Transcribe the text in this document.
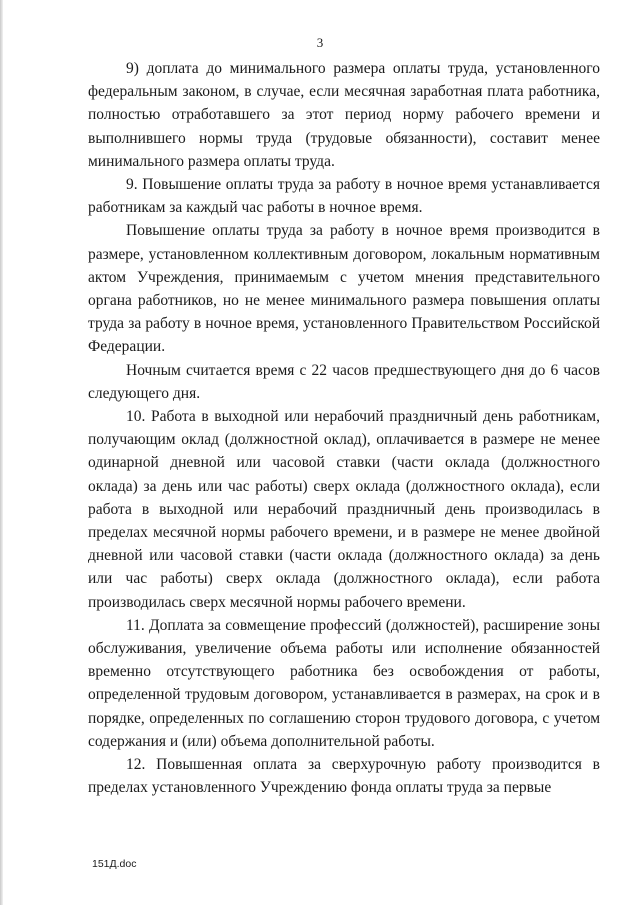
3

9) доплата до минимального размера оплаты труда, установленного федеральным законом, в случае, если месячная заработная плата работника, полностью отработавшего за этот период норму рабочего времени и выполнившего нормы труда (трудовые обязанности), составит менее минимального размера оплаты труда.

9. Повышение оплаты труда за работу в ночное время устанавливается работникам за каждый час работы в ночное время.

Повышение оплаты труда за работу в ночное время производится в размере, установленном коллективным договором, локальным нормативным актом Учреждения, принимаемым с учетом мнения представительного органа работников, но не менее минимального размера повышения оплаты труда за работу в ночное время, установленного Правительством Российской Федерации.

Ночным считается время с 22 часов предшествующего дня до 6 часов следующего дня.

10. Работа в выходной или нерабочий праздничный день работникам, получающим оклад (должностной оклад), оплачивается в размере не менее одинарной дневной или часовой ставки (части оклада (должностного оклада) за день или час работы) сверх оклада (должностного оклада), если работа в выходной или нерабочий праздничный день производилась в пределах месячной нормы рабочего времени, и в размере не менее двойной дневной или часовой ставки (части оклада (должностного оклада) за день или час работы) сверх оклада (должностного оклада), если работа производилась сверх месячной нормы рабочего времени.

11. Доплата за совмещение профессий (должностей), расширение зоны обслуживания, увеличение объема работы или исполнение обязанностей временно отсутствующего работника без освобождения от работы, определенной трудовым договором, устанавливается в размерах, на срок и в порядке, определенных по соглашению сторон трудового договора, с учетом содержания и (или) объема дополнительной работы.

12. Повышенная оплата за сверхурочную работу производится в пределах установленного Учреждению фонда оплаты труда за первые

151Д.doc
